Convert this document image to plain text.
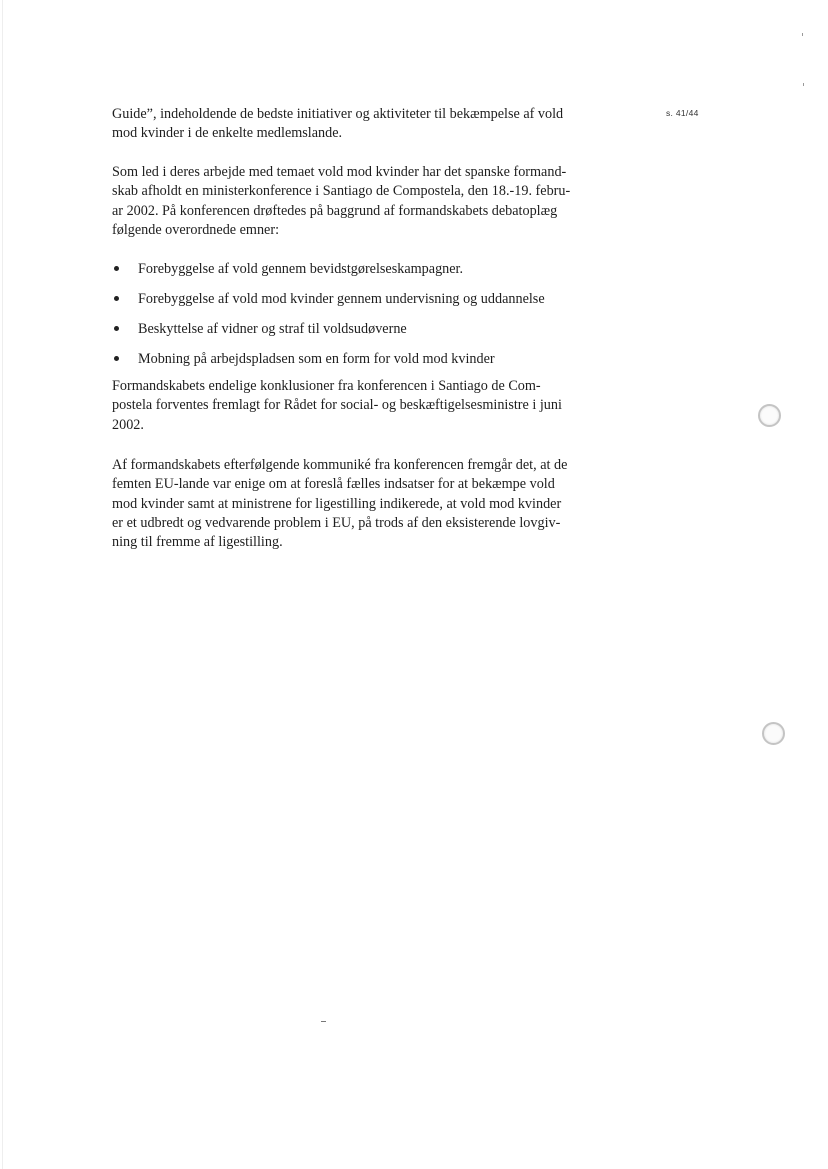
s. 41/44

Guide”, indeholdende de bedste initiativer og aktiviteter til bekæmpelse af vold
mod kvinder i de enkelte medlemslande.

Som led i deres arbejde med temaet vold mod kvinder har det spanske formand-
skab afholdt en ministerkonference i Santiago de Compostela, den 18.-19. febru-
ar 2002. På konferencen drøftedes på baggrund af formandskabets debatoplæg
følgende overordnede emner:

Forebyggelse af vold gennem bevidstgørelseskampagner.
Forebyggelse af vold mod kvinder gennem undervisning og uddannelse
Beskyttelse af vidner og straf til voldsudøverne
Mobning på arbejdspladsen som en form for vold mod kvinder

Formandskabets endelige konklusioner fra konferencen i Santiago de Com-
postela forventes fremlagt for Rådet for social- og beskæftigelsesministre i juni
2002.

Af formandskabets efterfølgende kommuniké fra konferencen fremgår det, at de
femten EU-lande var enige om at foreslå fælles indsatser for at bekæmpe vold
mod kvinder samt at ministrene for ligestilling indikerede, at vold mod kvinder
er et udbredt og vedvarende problem i EU, på trods af den eksisterende lovgiv-
ning til fremme af ligestilling.
